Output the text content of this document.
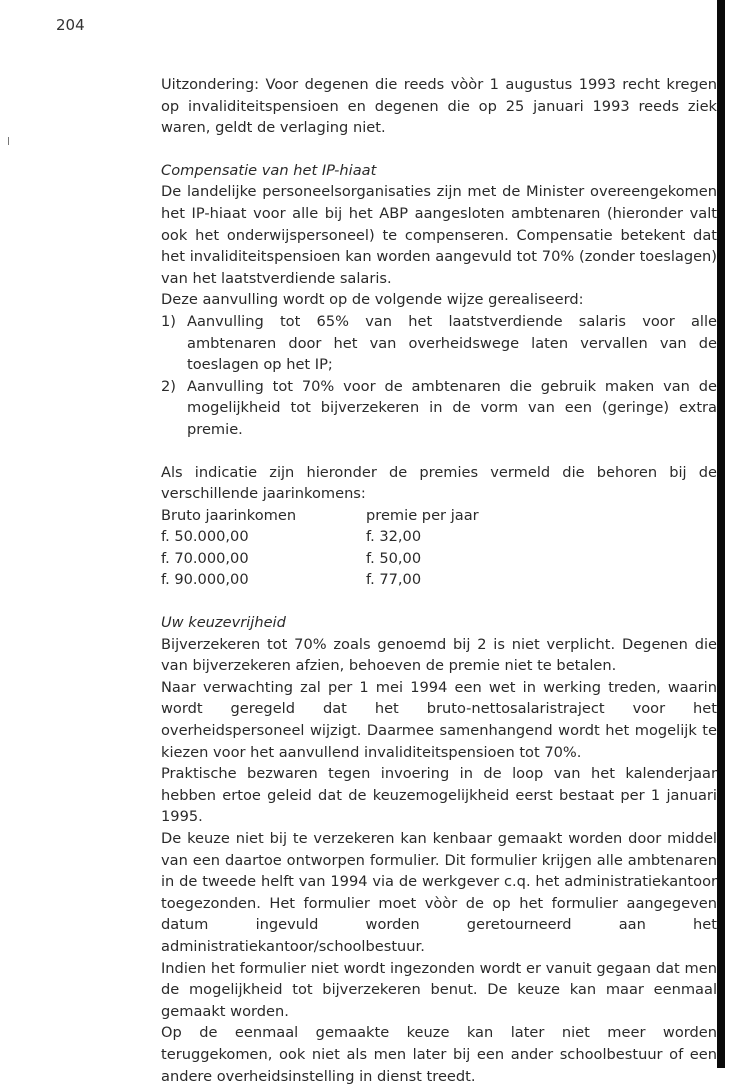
204

Uitzondering: Voor degenen die reeds vòòr 1 augustus 1993 recht kregen op invaliditeitspensioen en degenen die op 25 januari 1993 reeds ziek waren, geldt de verlaging niet.

Compensatie van het IP-hiaat

De landelijke personeelsorganisaties zijn met de Minister overeengekomen het IP-hiaat voor alle bij het ABP aangesloten ambtenaren (hieronder valt ook het onderwijspersoneel) te compenseren. Compensatie betekent dat het invaliditeitspensioen kan worden aangevuld tot 70% (zonder toeslagen) van het laatstverdiende salaris.

Deze aanvulling wordt op de volgende wijze gerealiseerd:

1) Aanvulling tot 65% van het laatstverdiende salaris voor alle ambtenaren door het van overheidswege laten vervallen van de toeslagen op het IP;
2) Aanvulling tot 70% voor de ambtenaren die gebruik maken van de mogelijkheid tot bijverzekeren in de vorm van een (geringe) extra premie.

Als indicatie zijn hieronder de premies vermeld die behoren bij de verschillende jaarinkomens:

Bruto jaarinkomen	premie per jaar
f. 50.000,00	f. 32,00
f. 70.000,00	f. 50,00
f. 90.000,00	f. 77,00

Uw keuzevrijheid

Bijverzekeren tot 70% zoals genoemd bij 2 is niet verplicht. Degenen die van bijverzekeren afzien, behoeven de premie niet te betalen.

Naar verwachting zal per 1 mei 1994 een wet in werking treden, waarin wordt geregeld dat het bruto-nettosalaristraject voor het overheidspersoneel wijzigt. Daarmee samenhangend wordt het mogelijk te kiezen voor het aanvullend invaliditeitspensioen tot 70%.

Praktische bezwaren tegen invoering in de loop van het kalenderjaar hebben ertoe geleid dat de keuzemogelijkheid eerst bestaat per 1 januari 1995.

De keuze niet bij te verzekeren kan kenbaar gemaakt worden door middel van een daartoe ontworpen formulier. Dit formulier krijgen alle ambtenaren in de tweede helft van 1994 via de werkgever c.q. het administratiekantoor toegezonden. Het formulier moet vòòr de op het formulier aangegeven datum ingevuld worden geretourneerd aan het administratiekantoor/schoolbestuur.

Indien het formulier niet wordt ingezonden wordt er vanuit gegaan dat men de mogelijkheid tot bijverzekeren benut. De keuze kan maar eenmaal gemaakt worden.

Op de eenmaal gemaakte keuze kan later niet meer worden teruggekomen, ook niet als men later bij een ander schoolbestuur of een andere overheidsinstelling in dienst treedt.
